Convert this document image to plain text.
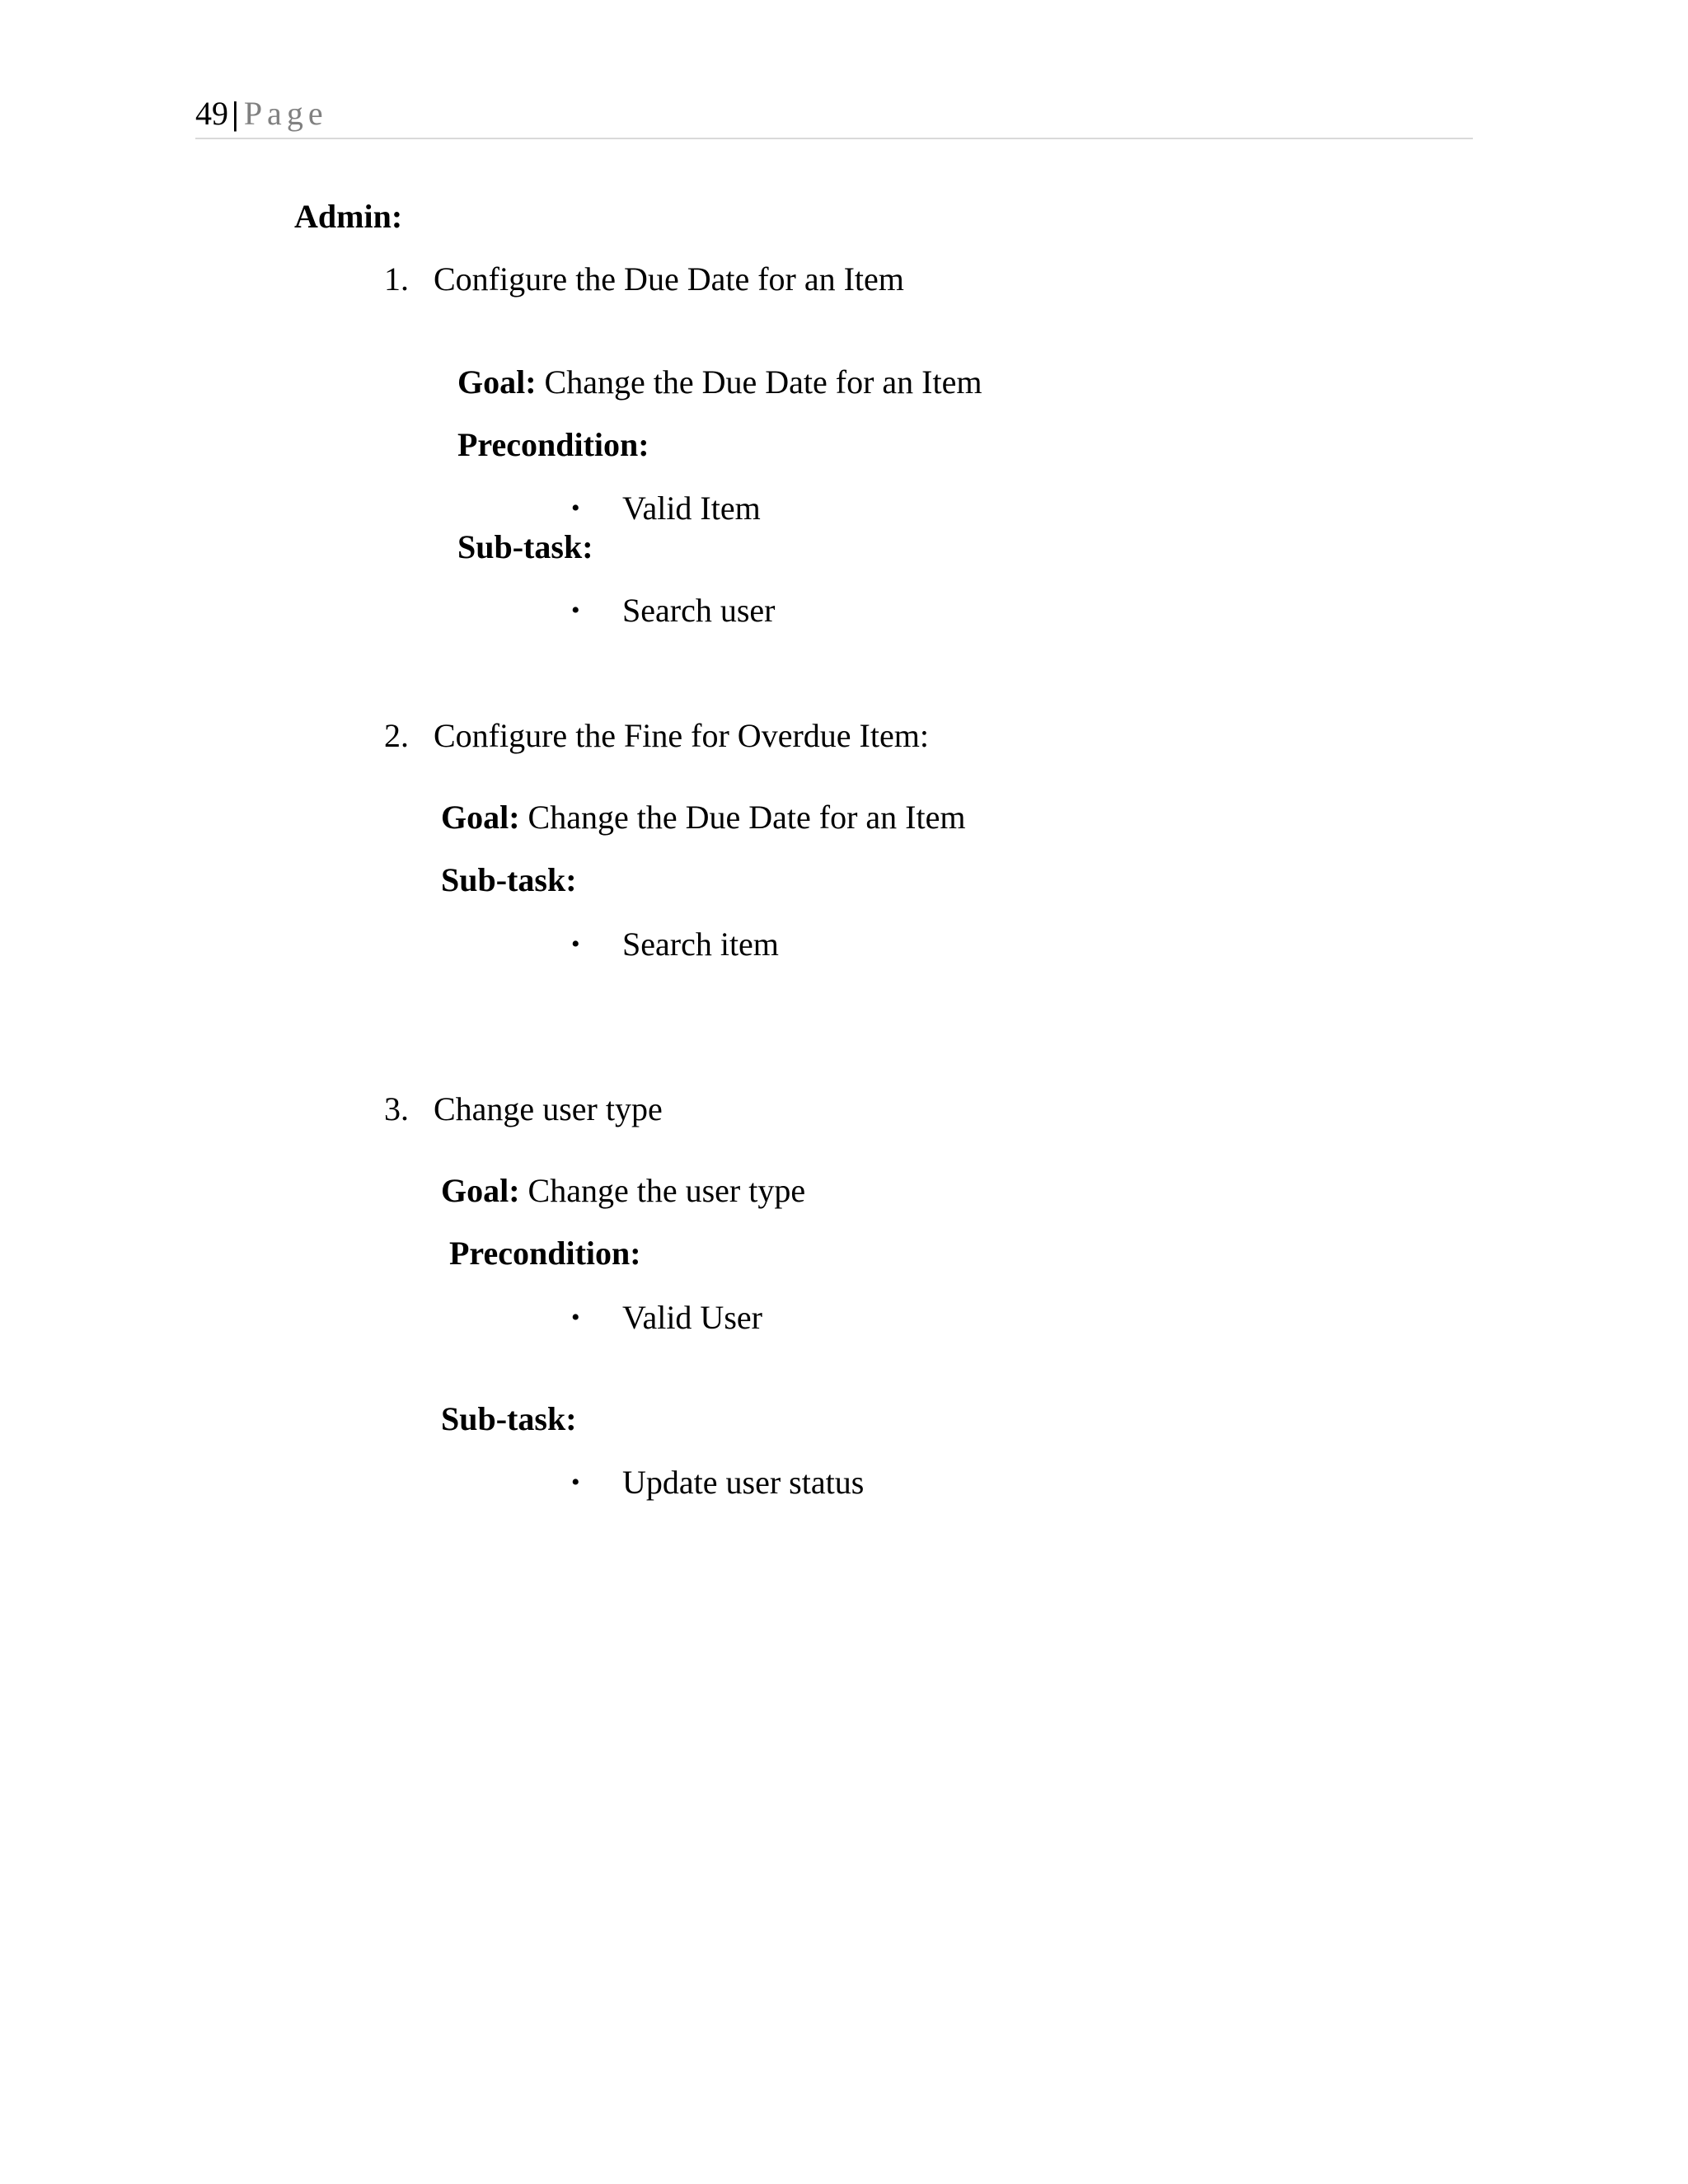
49 | Page
Admin:
1. Configure the Due Date for an Item
Goal: Change the Due Date for an Item
Precondition:
• Valid Item
Sub-task:
• Search user
2. Configure the Fine for Overdue Item:
Goal: Change the Due Date for an Item
Sub-task:
• Search item
3. Change user type
Goal: Change the user type
Precondition:
• Valid User
Sub-task:
• Update user status
